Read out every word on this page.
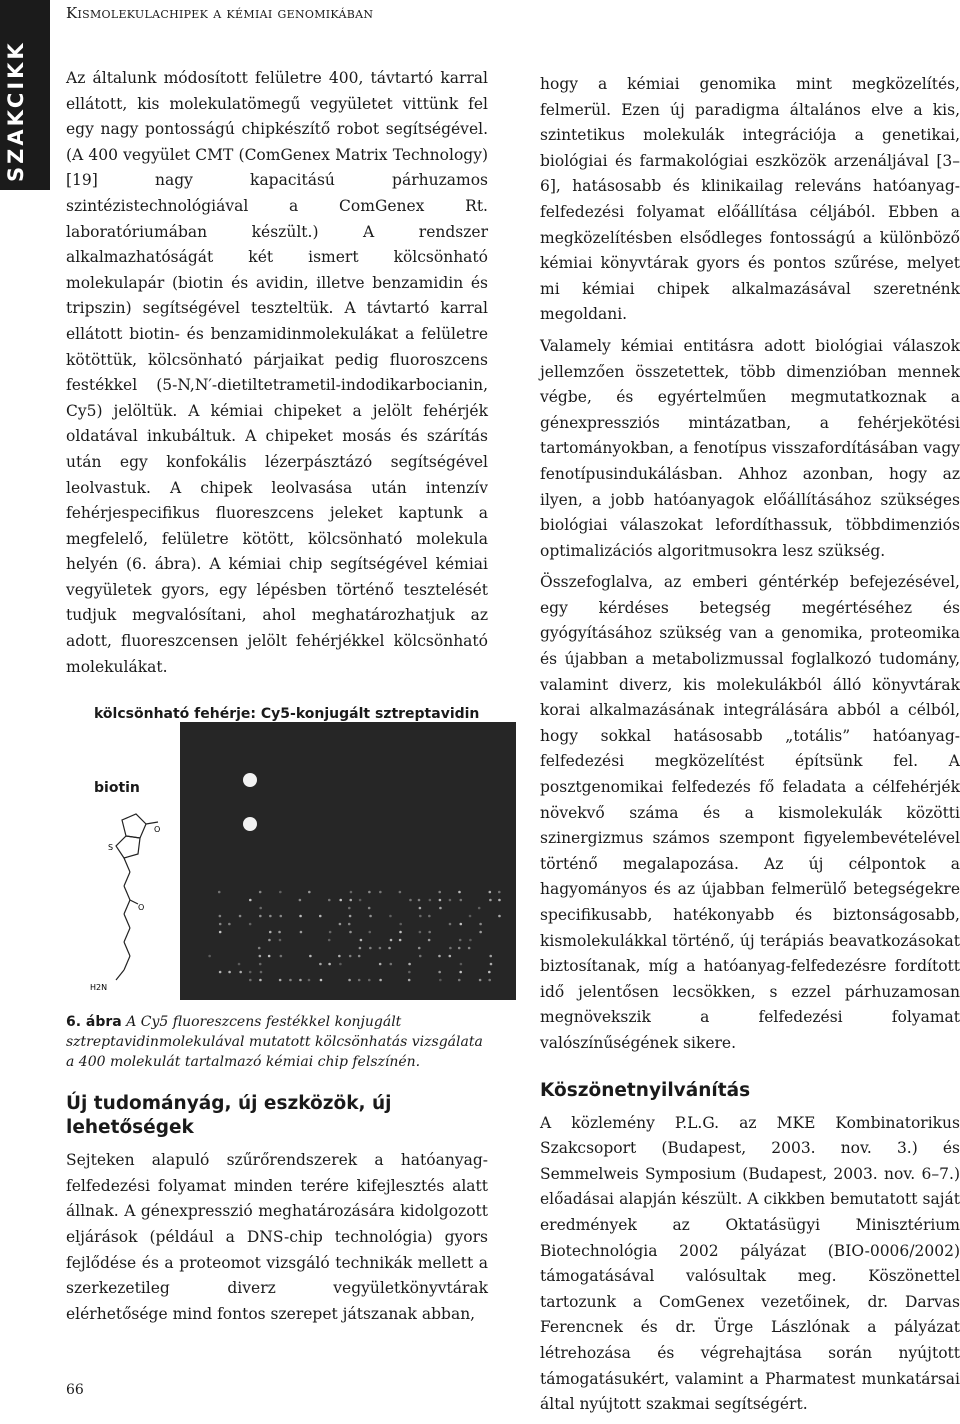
SZAKCIKK
Kismolekulachipek a kémiai genomikában

Az általunk módosított felületre 400, távtartó karral ellátott, kis molekulatömegű vegyületet vittünk fel egy nagy pontosságú chipkészítő robot segítségével. (A 400 vegyület CMT (ComGenex Matrix Technology) [19] nagy kapacitású párhuzamos szintézistechnológiával a ComGenex Rt. laboratóriumában készült.) A rendszer alkalmazhatóságát két ismert kölcsönható molekulapár (biotin és avidin, illetve benzamidin és tripszin) segítségével teszteltük. A távtartó karral ellátott biotin- és benzamidinmolekulákat a felületre kötöttük, kölcsönható párjaikat pedig fluoroszcens festékkel (5-N,N′-dietiltetrametil-indodikarbocianin, Cy5) jelöltük. A kémiai chipeket a jelölt fehérjék oldatával inkubáltuk. A chipeket mosás és szárítás után egy konfokális lézerpásztázó segítségével leolvastuk. A chipek leolvasása után intenzív fehérjespecifikus fluoreszcens jeleket kaptunk a megfelelő, felületre kötött, kölcsönható molekula helyén (6. ábra). A kémiai chip segítségével kémiai vegyületek gyors, egy lépésben történő tesztelését tudjuk megvalósítani, ahol meghatározhatjuk az adott, fluoreszcensen jelölt fehérjékkel kölcsönható molekulákat.

kölcsönható fehérje: Cy5-konjugált sztreptavidin
biotin
S
O
O
H2N
6. ábra A Cy5 fluoreszcens festékkel konjugált sztreptavidinmolekulával mutatott kölcsönhatás vizsgálata a 400 molekulát tartalmazó kémiai chip felszínén.
Új tudományág, új eszközök, új lehetőségek

Sejteken alapuló szűrőrendszerek a hatóanyag-felfedezési folyamat minden terére kifejlesztés alatt állnak. A génexpresszió meghatározására kidolgozott eljárások (például a DNS-chip technológia) gyors fejlődése és a proteomot vizsgáló technikák mellett a szerkezetileg diverz vegyületkönyvtárak elérhetősége mind fontos szerepet játszanak abban,

hogy a kémiai genomika mint megközelítés, felmerül. Ezen új paradigma általános elve a kis, szintetikus molekulák integrációja a genetikai, biológiai és farmakológiai eszközök arzenáljával [3–6], hatásosabb és klinikailag releváns hatóanyag-felfedezési folyamat előállítása céljából. Ebben a megközelítésben elsődleges fontosságú a különböző kémiai könyvtárak gyors és pontos szűrése, melyet mi kémiai chipek alkalmazásával szeretnénk megoldani.

Valamely kémiai entitásra adott biológiai válaszok jellemzően összetettek, több dimenzióban mennek végbe, és egyértelműen megmutatkoznak a génexpressziós mintázatban, a fehérjekötési tartományokban, a fenotípus visszafordításában vagy fenotípusindukálásban. Ahhoz azonban, hogy az ilyen, a jobb hatóanyagok előállításához szükséges biológiai válaszokat lefordíthassuk, többdimenziós optimalizációs algoritmusokra lesz szükség.

Összefoglalva, az emberi géntérkép befejezésével, egy kérdéses betegség megértéséhez és gyógyításához szükség van a genomika, proteomika és újabban a metabolizmussal foglalkozó tudomány, valamint diverz, kis molekulákból álló könyvtárak korai alkalmazásának integrálására abból a célból, hogy sokkal hatásosabb „totális” hatóanyag-felfedezési megközelítést építsünk fel. A posztgenomikai felfedezés fő feladata a célfehérjék növekvő száma és a kismolekulák közötti szinergizmus számos szempont figyelembevételével történő megalapozása. Az új célpontok a hagyományos és az újabban felmerülő betegségekre specifikusabb, hatékonyabb és biztonságosabb, kismolekulákkal történő, új terápiás beavatkozásokat biztosítanak, míg a hatóanyag-felfedezésre fordított idő jelentősen lecsökken, s ezzel párhuzamosan megnövekszik a felfedezési folyamat valószínűségének sikere.

Köszönetnyilvánítás

A közlemény P.L.G. az MKE Kombinatorikus Szakcsoport (Budapest, 2003. nov. 3.) és Semmelweis Symposium (Budapest, 2003. nov. 6–7.) előadásai alapján készült. A cikkben bemutatott saját eredmények az Oktatásügyi Minisztérium Biotechnológia 2002 pályázat (BIO-0006/2002) támogatásával valósultak meg. Köszönettel tartozunk a ComGenex vezetőinek, dr. Darvas Ferencnek és dr. Ürge Lászlónak a pályázat létrehozása és végrehajtása során nyújtott támogatásukért, valamint a Pharmatest munkatársai által nyújtott szakmai segítségért.

66
